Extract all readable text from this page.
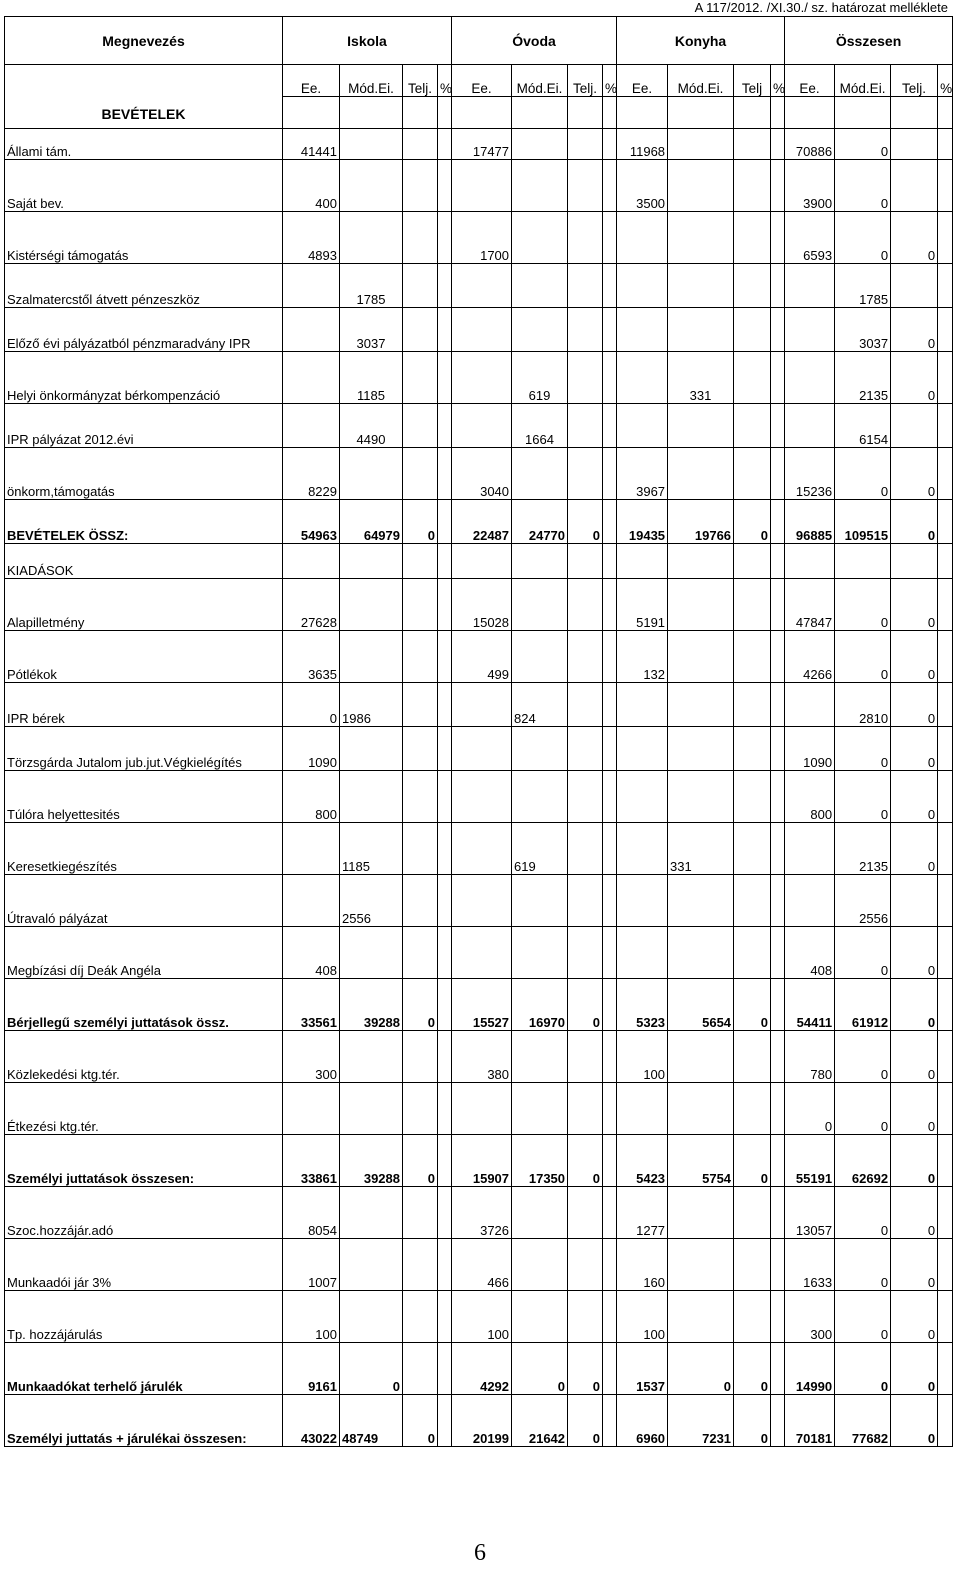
A 117/2012. /XI.30./ sz. határozat melléklete
Megnevezés	Iskola				Óvoda				Konyha				Összesen			
BEVÉTELEK	Ee.	Mód.Ei.	Telj.	%	Ee.	Mód.Ei.	Telj.	%	Ee.	Mód.Ei.	Telj	%	Ee.	Mód.Ei.	Telj.	%

Állami tám.	41441				17477				11968				70886	0		
Saját bev.	400								3500				3900	0		
Kistérségi támogatás	4893				1700								6593	0	0	
Szalmatercstől átvett pénzeszköz		1785												1785		
Előző évi pályázatból pénzmaradvány IPR		3037												3037	0	
Helyi önkormányzat bérkompenzáció		1185				619				331				2135	0	
IPR pályázat 2012.évi		4490				1664								6154		
önkorm,támogatás	8229				3040				3967				15236	0	0	
BEVÉTELEK ÖSSZ:	54963	64979	0		22487	24770	0		19435	19766	0		96885	109515	0	
KIADÁSOK																
Alapilletmény	27628				15028				5191				47847	0	0	
Pótlékok	3635				499				132				4266	0	0	
IPR bérek	0	1986				824								2810	0	
Törzsgárda Jutalom jub.jut.Végkielégítés	1090												1090	0	0	
Túlóra helyettesités	800												800	0	0	
Keresetkiegészítés		1185				619				331				2135	0	
Útravaló pályázat		2556												2556		
Megbízási díj Deák Angéla	408												408	0	0	
Bérjellegű személyi juttatások össz.	33561	39288	0		15527	16970	0		5323	5654	0		54411	61912	0	
Közlekedési ktg.tér.	300				380				100				780	0	0	
Étkezési ktg.tér.													0	0	0	
Személyi juttatások összesen:	33861	39288	0		15907	17350	0		5423	5754	0		55191	62692	0	
Szoc.hozzájár.adó	8054				3726				1277				13057	0	0	
Munkaadói jár 3%	1007				466				160				1633	0	0	
Tp. hozzájárulás	100				100				100				300	0	0	
Munkaadókat terhelő járulék	9161	0			4292	0	0		1537	0	0		14990	0	0	
Személyi juttatás + járulékai összesen:	43022	48749	0		20199	21642	0		6960	7231	0		70181	77682	0	
6
